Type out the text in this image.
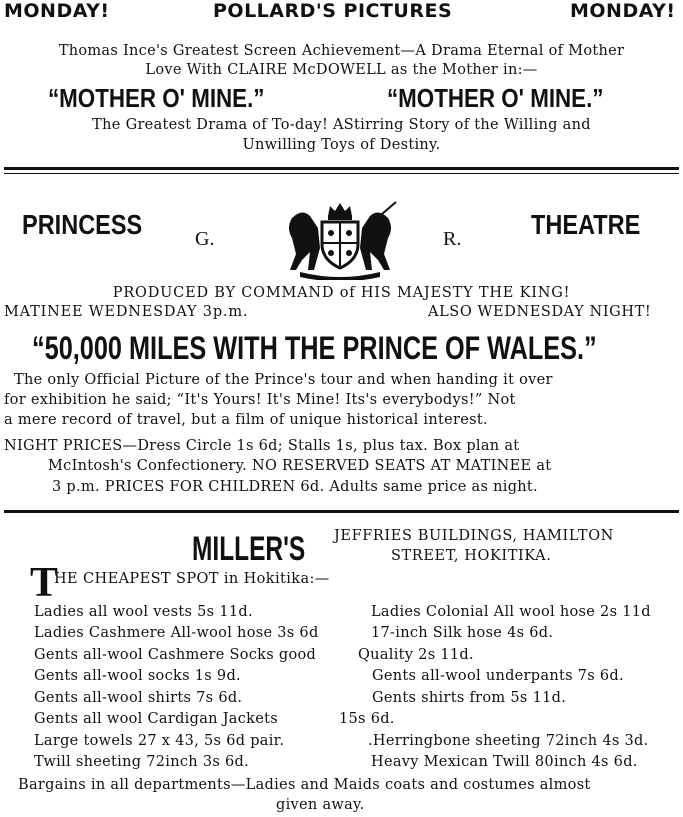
MONDAY!	POLLARD'S PICTURES	MONDAY!
Thomas Ince's Greatest Screen Achievement—A Drama Eternal of Mother
Love With CLAIRE McDOWELL as the Mother in:—
“MOTHER O' MINE.”	“MOTHER O' MINE.”
The Greatest Drama of To-day! AStirring Story of the Willing and
Unwilling Toys of Destiny.
PRINCESS	G.	R. THEATRE
PRODUCED BY COMMAND of HIS MAJESTY THE KING!
MATINEE WEDNESDAY 3p.m.	ALSO WEDNESDAY NIGHT!
“50,000 MILES WITH THE PRINCE OF WALES.”
The only Official Picture of the Prince's tour and when handing it over
for exhibition he said; “It's Yours! It's Mine! Its's everybodys!” Not
a mere record of travel, but a film of unique historical interest.
NIGHT PRICES—Dress Circle 1s 6d; Stalls 1s, plus tax. Box plan at
McIntosh's Confectionery. NO RESERVED SEATS AT MATINEE at
3 p.m. PRICES FOR CHILDREN 6d. Adults same price as night.
MILLER'S JEFFRIES BUILDINGS, HAMILTON
STREET, HOKITIKA.
T
HE CHEAPEST SPOT in Hokitika:—
Ladies all wool vests 5s 11d.	Ladies Colonial All wool hose 2s 11d
Ladies Cashmere All-wool hose 3s 6d	17-inch Silk hose 4s 6d.
Gents all-wool Cashmere Socks good	Quality 2s 11d.
Gents all-wool socks 1s 9d.	Gents all-wool underpants 7s 6d.
Gents all-wool shirts 7s 6d.	Gents shirts from 5s 11d.
Gents all wool Cardigan Jackets	15s 6d.
Large towels 27 x 43, 5s 6d pair.	.Herringbone sheeting 72inch 4s 3d.
Twill sheeting 72inch 3s 6d.	Heavy Mexican Twill 80inch 4s 6d.
Bargains in all departments—Ladies and Maids coats and costumes almost
given away.
